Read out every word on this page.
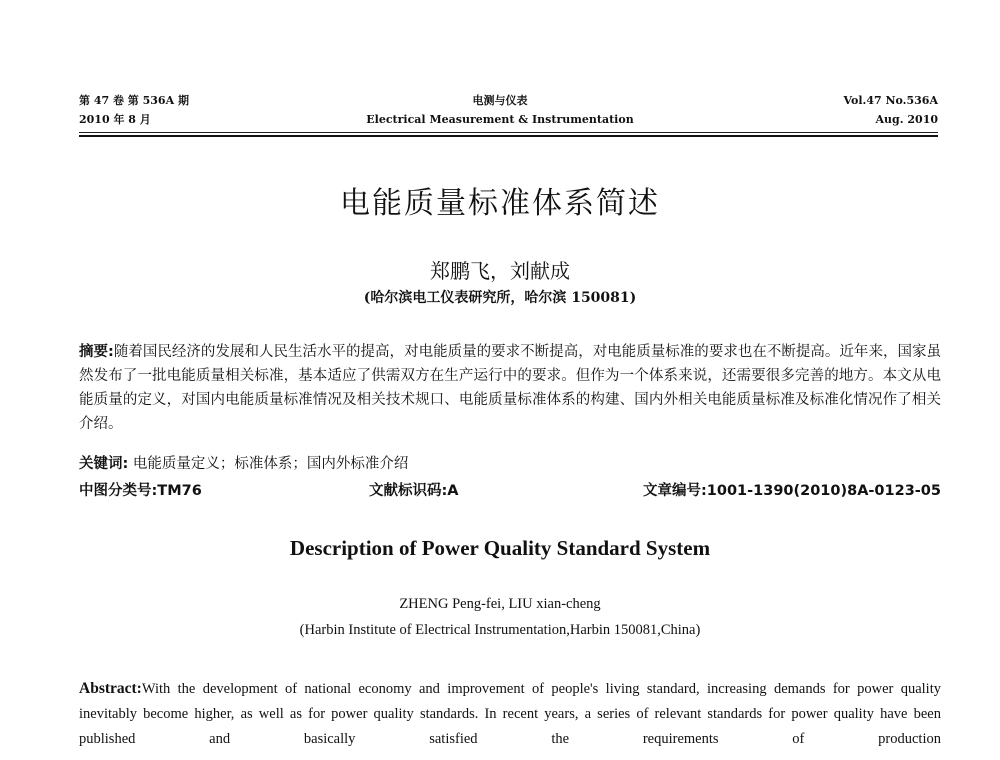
第 47 卷 第 536A 期
2010 年 8 月
电测与仪表
Electrical Measurement & Instrumentation
Vol.47 No.536A
Aug. 2010
电能质量标准体系简述
郑鹏飞，刘献成
(哈尔滨电工仪表研究所，哈尔滨 150081)
摘要:随着国民经济的发展和人民生活水平的提高，对电能质量的要求不断提高，对电能质量标准的要求也在不断提高。近年来，国家虽然发布了一批电能质量相关标准，基本适应了供需双方在生产运行中的要求。但作为一个体系来说，还需要很多完善的地方。本文从电能质量的定义，对国内电能质量标准情况及相关技术规口、电能质量标准体系的构建、国内外相关电能质量标准及标准化情况作了相关介绍。
关键词: 电能质量定义；标准体系；国内外标准介绍
中图分类号:TM76	文献标识码:A	文章编号:1001-1390(2010)8A-0123-05
Description of Power Quality Standard System
ZHENG Peng-fei, LIU xian-cheng
(Harbin Institute of Electrical Instrumentation,Harbin 150081,China)
Abstract:With the development of national economy and improvement of people's living standard, increasing demands for power quality inevitably become higher, as well as for power quality standards. In recent years, a series of relevant standards for power quality have been published and basically satisfied the requirements of production
